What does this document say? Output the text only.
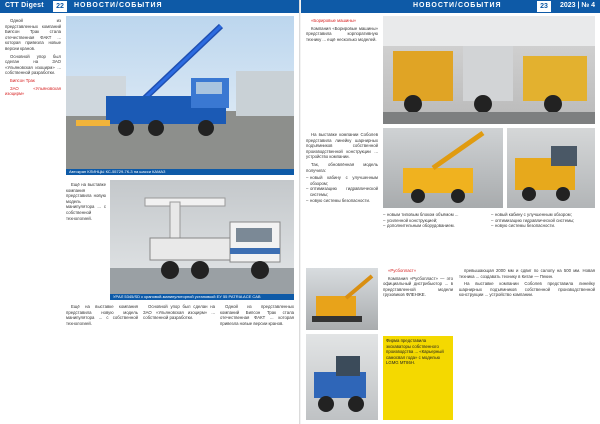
СТТ Digest	22	НОВОСТИ/СОБЫТИЯ

Одной из представленных компаний Бипсон Трак стала отечественная ФАКТ ... которая привезла новые версии кранов.

Основной упор был сделан на ЗАО «Ульяновская изоцирм» ... собственной разработки.

Бипсон Трак

ЗАО «Ульяновская изоцирм»

Автокран КЛИНЦЫ КС-55729-7К-3 на шасси КАМАЗ
УРАЛ 5345/SD с крановой-манипуляторной установкой ЕУ 55 PATRIA ACE CAB

Ещё на выставке компания представила новую модель манипулятора ... с собственной технологией.

Ещё на выставке компания представила новую модель манипулятора ... с собственной технологией.

Основной упор был сделан на ЗАО «Ульяновская изоцирм» ... собственной разработки.

Одной из представленных компаний Бипсон Трак стала отечественная ФАКТ ... которая привезла новые версии кранов.

НОВОСТИ/СОБЫТИЯ	23	2023 | № 4

«Борировые машины»

Компания «Борировые машины» представила корпоративную технику ... ещё несколько моделей.

На выставке компании Соболев представила линейку шарнирных подъёмников собственной производственной конструкции ... устройство компании.

Так, обновлённая модель получила:

– новый кабину с улучшенным обзором;
– оптимизацию гидравлической системы;
– новую системы безопасности.
– новым типовым блоком объёмом ...
– усиленной конструкцией;
– дополнительным оборудованием.
– новый кабину с улучшенным обзором;
– оптимизацию гидравлической системы;
– новую системы безопасности.

«Русбопласт»

Компания «Русбопласт» — это официальный дистрибьютор ... в представленной модели грузовиков ФЛЕНЖЕ.

Фирма представила экскаваторы собственного производства ... «Карьерный самосвал года» с моделью LGMG MT86H.

превышающая 2000 мм и сдвиг по салопу на 500 мм. Новая техника ... создавать технику в Китае — Пекин.

На выставке компании Соболев представила линейку шарнирных подъёмников собственной производственной конструкции ... устройство компании.
